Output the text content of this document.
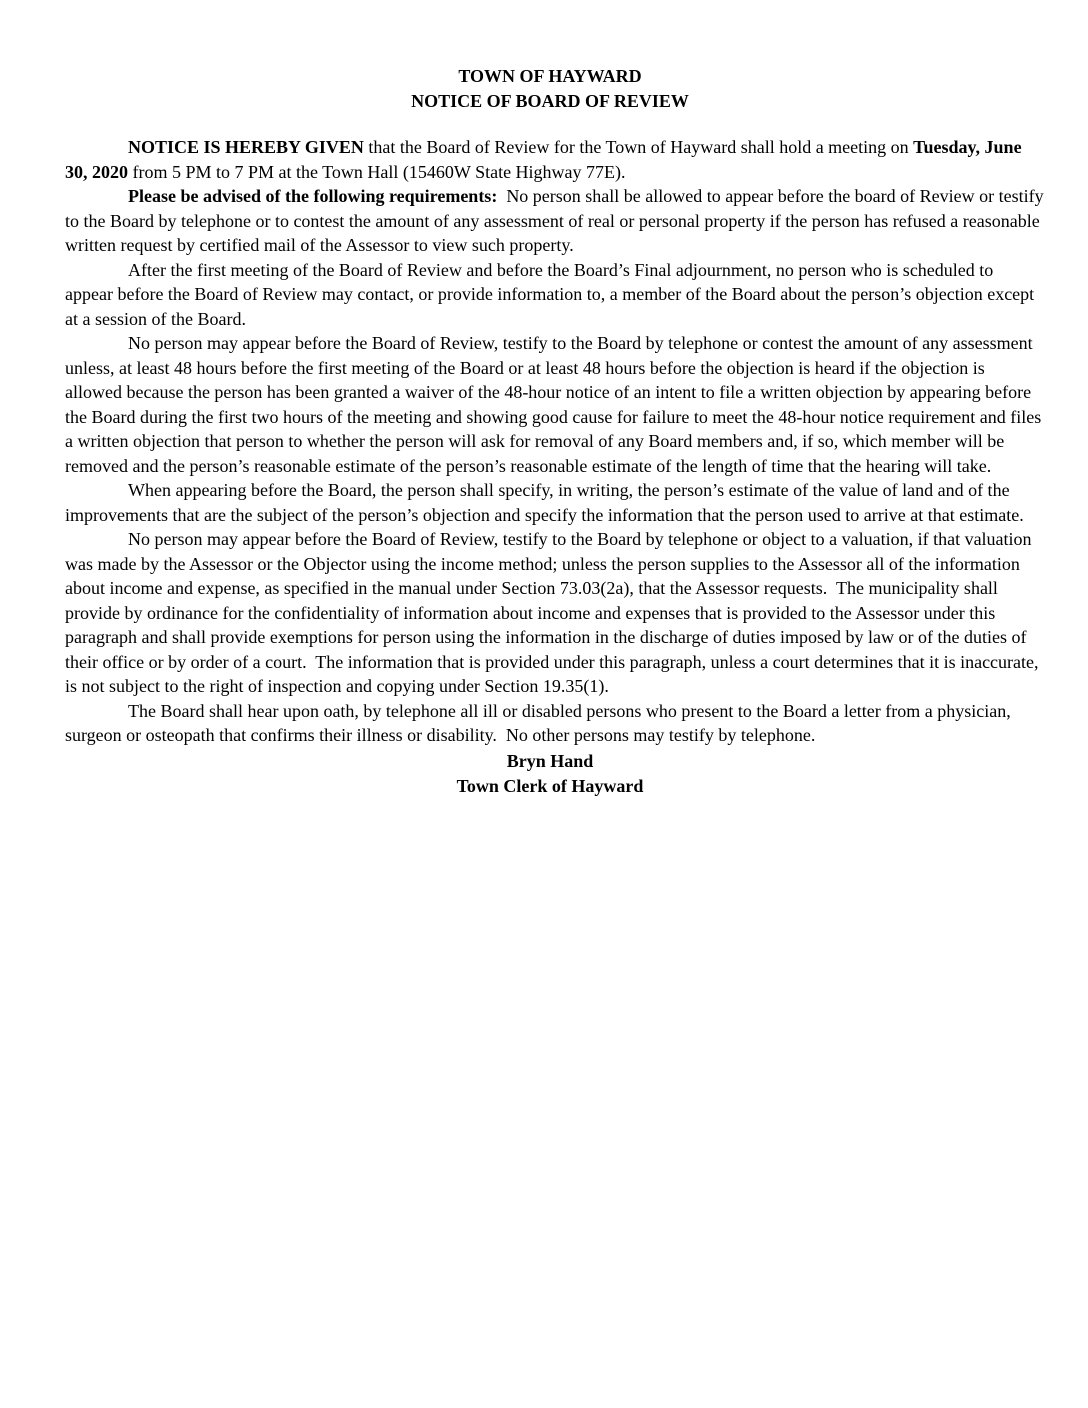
TOWN OF HAYWARD
NOTICE OF BOARD OF REVIEW

NOTICE IS HEREBY GIVEN that the Board of Review for the Town of Hayward shall hold a meeting on Tuesday, June 30, 2020 from 5 PM to 7 PM at the Town Hall (15460W State Highway 77E).

Please be advised of the following requirements:  No person shall be allowed to appear before the board of Review or testify to the Board by telephone or to contest the amount of any assessment of real or personal property if the person has refused a reasonable written request by certified mail of the Assessor to view such property.

After the first meeting of the Board of Review and before the Board’s Final adjournment, no person who is scheduled to appear before the Board of Review may contact, or provide information to, a member of the Board about the person’s objection except at a session of the Board.

No person may appear before the Board of Review, testify to the Board by telephone or contest the amount of any assessment unless, at least 48 hours before the first meeting of the Board or at least 48 hours before the objection is heard if the objection is allowed because the person has been granted a waiver of the 48-hour notice of an intent to file a written objection by appearing before the Board during the first two hours of the meeting and showing good cause for failure to meet the 48-hour notice requirement and files a written objection that person to whether the person will ask for removal of any Board members and, if so, which member will be removed and the person’s reasonable estimate of the person’s reasonable estimate of the length of time that the hearing will take.

When appearing before the Board, the person shall specify, in writing, the person’s estimate of the value of land and of the improvements that are the subject of the person’s objection and specify the information that the person used to arrive at that estimate.

No person may appear before the Board of Review, testify to the Board by telephone or object to a valuation, if that valuation was made by the Assessor or the Objector using the income method; unless the person supplies to the Assessor all of the information about income and expense, as specified in the manual under Section 73.03(2a), that the Assessor requests.  The municipality shall provide by ordinance for the confidentiality of information about income and expenses that is provided to the Assessor under this paragraph and shall provide exemptions for person using the information in the discharge of duties imposed by law or of the duties of their office or by order of a court.  The information that is provided under this paragraph, unless a court determines that it is inaccurate, is not subject to the right of inspection and copying under Section 19.35(1).

The Board shall hear upon oath, by telephone all ill or disabled persons who present to the Board a letter from a physician, surgeon or osteopath that confirms their illness or disability.  No other persons may testify by telephone.

Bryn Hand
Town Clerk of Hayward
